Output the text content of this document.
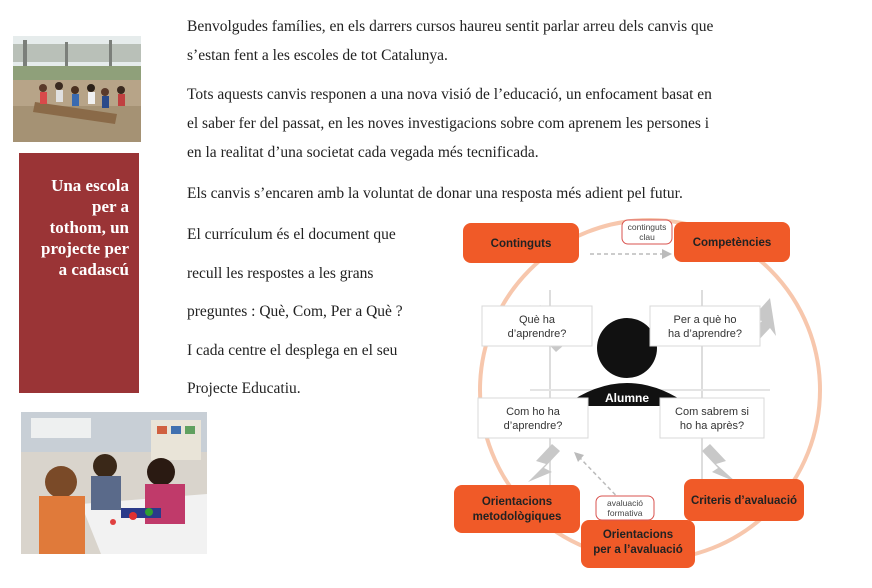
Una escola
per a
tothom, un
projecte per
a cadascú

Benvolgudes famílies, en els darrers cursos haureu sentit parlar arreu dels canvis que
s’estan fent a les escoles de tot Catalunya.

Tots aquests canvis responen a una nova visió de l’educació, un enfocament basat en
el saber fer del passat, en les noves investigacions sobre com aprenem les persones i
en la realitat d’una societat cada vegada més tecnificada.

Els canvis s’encaren amb la voluntat de donar una resposta més adient pel futur.

El currículum és el document que
recull les respostes a les grans
preguntes : Què, Com, Per a Què ?
I cada centre el desplega en el seu
Projecte Educatiu.

Alumne
Què ha
d’aprendre?
Per a què ho
ha d’aprendre?
Com ho ha
d’aprendre?
Com sabrem si
ho ha après?
Continguts	Competències
Orientacions
metodològiques
Orientacions
per a l’avaluació
Criteris d’avaluació
continguts
clau
avaluació
formativa
